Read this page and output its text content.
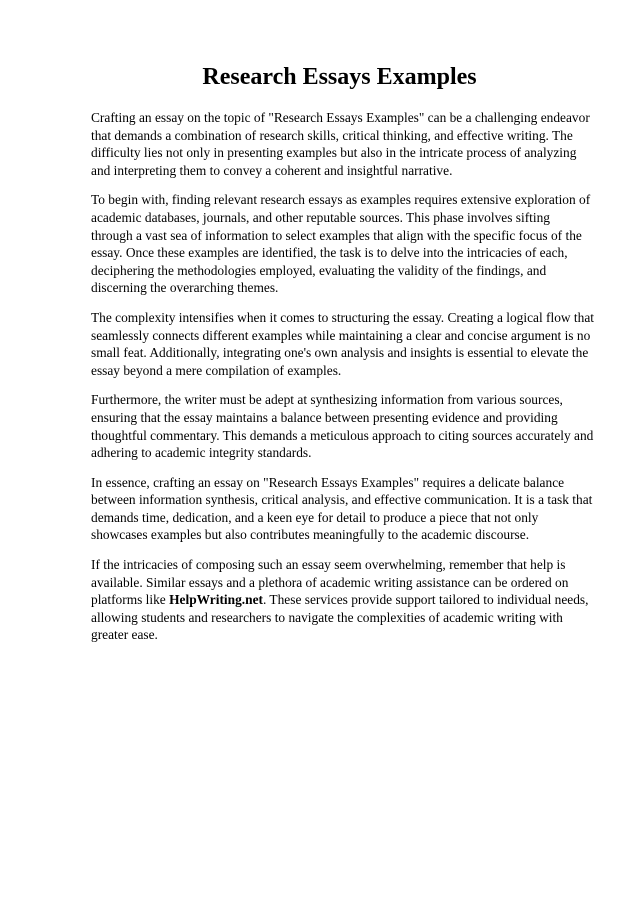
Research Essays Examples

Crafting an essay on the topic of "Research Essays Examples" can be a challenging endeavor that demands a combination of research skills, critical thinking, and effective writing. The difficulty lies not only in presenting examples but also in the intricate process of analyzing and interpreting them to convey a coherent and insightful narrative.

To begin with, finding relevant research essays as examples requires extensive exploration of academic databases, journals, and other reputable sources. This phase involves sifting through a vast sea of information to select examples that align with the specific focus of the essay. Once these examples are identified, the task is to delve into the intricacies of each, deciphering the methodologies employed, evaluating the validity of the findings, and discerning the overarching themes.

The complexity intensifies when it comes to structuring the essay. Creating a logical flow that seamlessly connects different examples while maintaining a clear and concise argument is no small feat. Additionally, integrating one's own analysis and insights is essential to elevate the essay beyond a mere compilation of examples.

Furthermore, the writer must be adept at synthesizing information from various sources, ensuring that the essay maintains a balance between presenting evidence and providing thoughtful commentary. This demands a meticulous approach to citing sources accurately and adhering to academic integrity standards.

In essence, crafting an essay on "Research Essays Examples" requires a delicate balance between information synthesis, critical analysis, and effective communication. It is a task that demands time, dedication, and a keen eye for detail to produce a piece that not only showcases examples but also contributes meaningfully to the academic discourse.

If the intricacies of composing such an essay seem overwhelming, remember that help is available. Similar essays and a plethora of academic writing assistance can be ordered on platforms like HelpWriting.net. These services provide support tailored to individual needs, allowing students and researchers to navigate the complexities of academic writing with greater ease.
